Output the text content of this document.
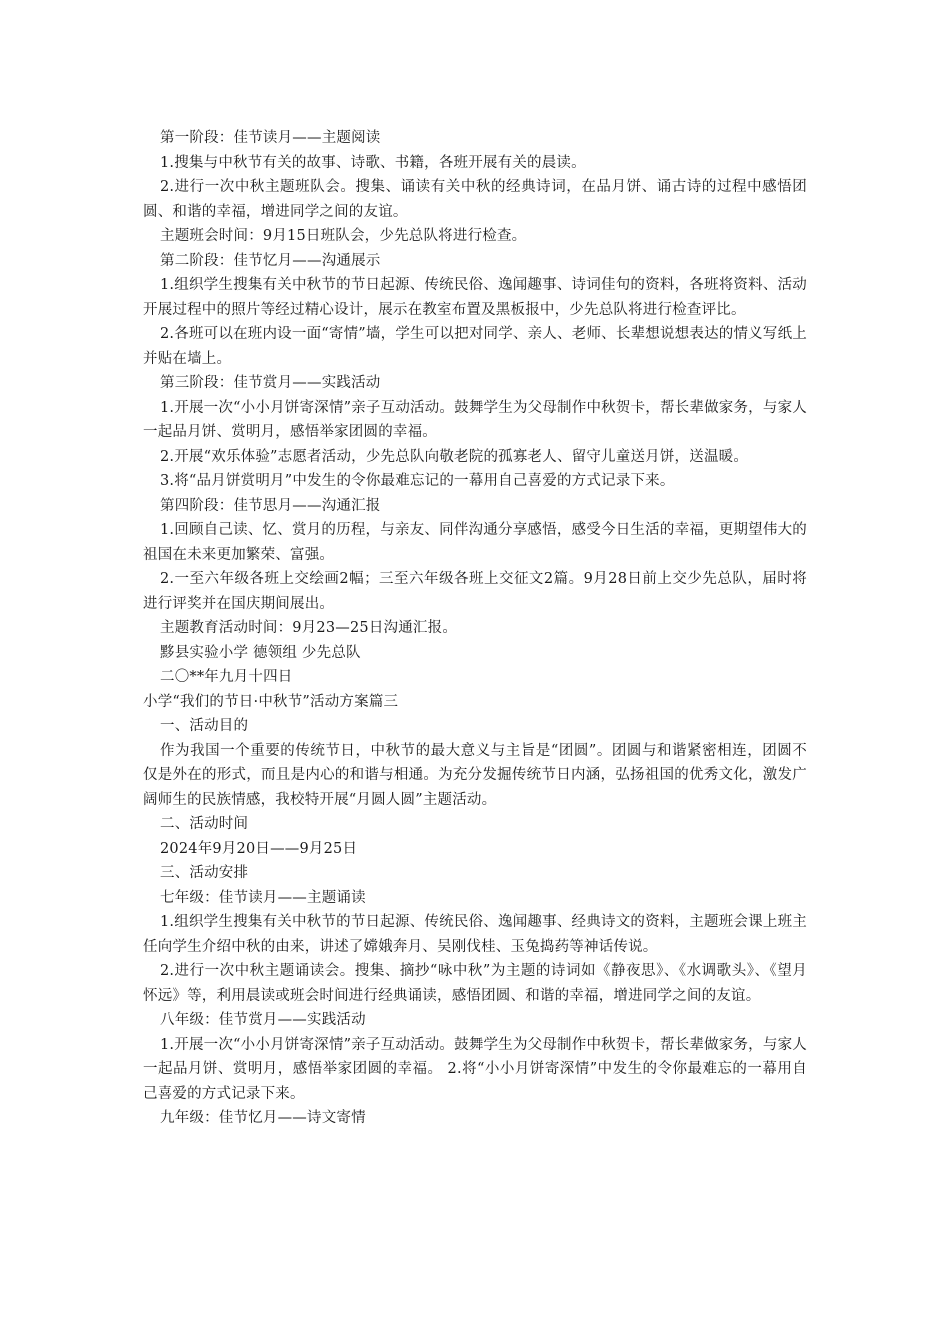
第一阶段：佳节读月——主题阅读

1.搜集与中秋节有关的故事、诗歌、书籍，各班开展有关的晨读。

2.进行一次中秋主题班队会。搜集、诵读有关中秋的经典诗词，在品月饼、诵古诗的过程中感悟团圆、和谐的幸福，增进同学之间的友谊。

主题班会时间：9月15日班队会，少先总队将进行检查。

第二阶段：佳节忆月——沟通展示

1.组织学生搜集有关中秋节的节日起源、传统民俗、逸闻趣事、诗词佳句的资料，各班将资料、活动开展过程中的照片等经过精心设计，展示在教室布置及黑板报中，少先总队将进行检查评比。

2.各班可以在班内设一面“寄情”墙，学生可以把对同学、亲人、老师、长辈想说想表达的情义写纸上并贴在墙上。

第三阶段：佳节赏月——实践活动

1.开展一次“小小月饼寄深情”亲子互动活动。鼓舞学生为父母制作中秋贺卡，帮长辈做家务，与家人一起品月饼、赏明月，感悟举家团圆的幸福。

2.开展“欢乐体验”志愿者活动，少先总队向敬老院的孤寡老人、留守儿童送月饼，送温暖。

3.将“品月饼赏明月”中发生的令你最难忘记的一幕用自己喜爱的方式记录下来。

第四阶段：佳节思月——沟通汇报

1.回顾自己读、忆、赏月的历程，与亲友、同伴沟通分享感悟，感受今日生活的幸福，更期望伟大的祖国在未来更加繁荣、富强。

2.一至六年级各班上交绘画2幅；三至六年级各班上交征文2篇。9月28日前上交少先总队，届时将进行评奖并在国庆期间展出。

主题教育活动时间：9月23—25日沟通汇报。

黟县实验小学 德领组 少先总队

二〇**年九月十四日

小学“我们的节日·中秋节”活动方案篇三

一、活动目的

作为我国一个重要的传统节日，中秋节的最大意义与主旨是“团圆”。团圆与和谐紧密相连，团圆不仅是外在的形式，而且是内心的和谐与相通。为充分发掘传统节日内涵，弘扬祖国的优秀文化，激发广阔师生的民族情感，我校特开展“月圆人圆”主题活动。

二、活动时间

2024年9月20日——9月25日

三、活动安排

七年级：佳节读月——主题诵读

1.组织学生搜集有关中秋节的节日起源、传统民俗、逸闻趣事、经典诗文的资料，主题班会课上班主任向学生介绍中秋的由来，讲述了嫦娥奔月、吴刚伐桂、玉兔捣药等神话传说。

2.进行一次中秋主题诵读会。搜集、摘抄“咏中秋”为主题的诗词如《静夜思》、《水调歌头》、《望月怀远》等，利用晨读或班会时间进行经典诵读，感悟团圆、和谐的幸福，增进同学之间的友谊。

八年级：佳节赏月——实践活动

1.开展一次“小小月饼寄深情”亲子互动活动。鼓舞学生为父母制作中秋贺卡，帮长辈做家务，与家人一起品月饼、赏明月，感悟举家团圆的幸福。 2.将“小小月饼寄深情”中发生的令你最难忘的一幕用自己喜爱的方式记录下来。

九年级：佳节忆月——诗文寄情
